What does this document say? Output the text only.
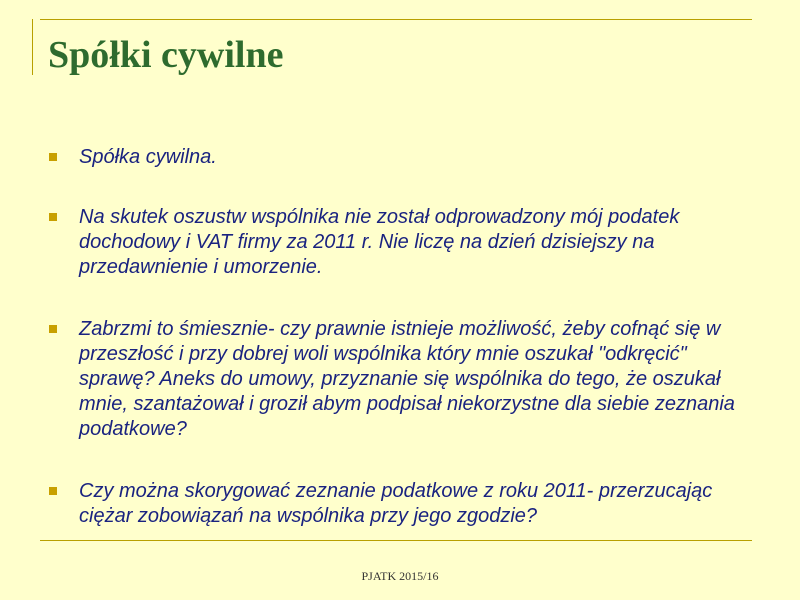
Spółki cywilne
Spółka cywilna.
Na skutek oszustw wspólnika nie został odprowadzony mój podatek dochodowy i VAT firmy za 2011 r. Nie liczę na dzień dzisiejszy na przedawnienie i umorzenie.
Zabrzmi to śmiesznie- czy prawnie istnieje możliwość, żeby cofnąć się w przeszłość i przy dobrej woli wspólnika który mnie oszukał "odkręcić" sprawę? Aneks do umowy, przyznanie się wspólnika do tego, że oszukał mnie, szantażował i groził abym podpisał niekorzystne dla siebie zeznania podatkowe?
Czy można skorygować zeznanie podatkowe z roku 2011- przerzucając ciężar zobowiązań na wspólnika przy jego zgodzie?
PJATK 2015/16
